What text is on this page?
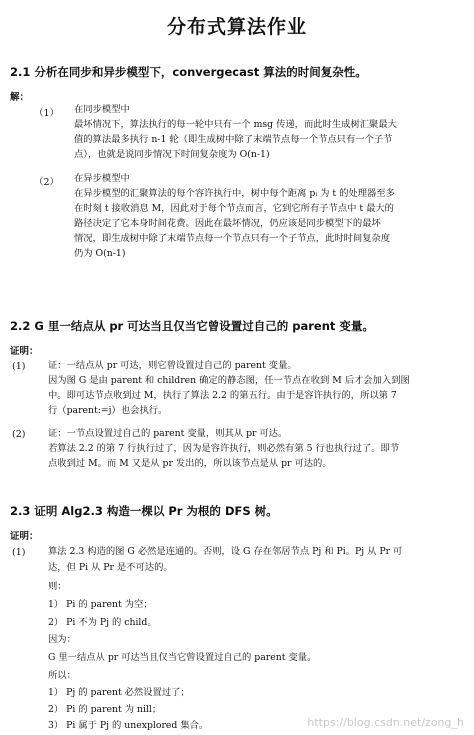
分布式算法作业
2.1 分析在同步和异步模型下，convergecast 算法的时间复杂性。
解：
（1） 在同步模型中
最坏情况下，算法执行的每一轮中只有一个 msg 传递，而此时生成树汇聚最大
值的算法最多执行 n-1 轮（即生成树中除了末端节点每一个节点只有一个子节
点），也就是说同步情况下时间复杂度为 O(n-1)
（2） 在异步模型中
在异步模型的汇聚算法的每个容许执行中，树中每个距离 pᵢ 为 t 的处理器至多
在时刻 t 接收消息 M，因此对于每个节点而言，它到它所有子节点中 t 最大的
路径决定了它本身时间花费。因此在最坏情况，仍应该是同步模型下的最坏
情况，即生成树中除了末端节点每一个节点只有一个子节点，此时时间复杂度
仍为 O(n-1)
2.2 G 里一结点从 pr 可达当且仅当它曾设置过自己的 parent 变量。
证明：
(1) 证：一结点从 pr 可达，则它曾设置过自己的 parent 变量。
因为图 G 是由 parent 和 children 确定的静态图，任一节点在收到 M 后才会加入到图
中。即可达节点收到过 M，执行了算法 2.2 的第五行。由于是容许执行的，所以第 7
行（parent:=j）也会执行。
(2) 证：一节点设置过自己的 parent 变量，则其从 pr 可达。
若算法 2.2 的第 7 行执行过了，因为是容许执行，则必然有第 5 行也执行过了。即节
点收到过 M。而 M 又是从 pr 发出的，所以该节点是从 pr 可达的。
2.3 证明 Alg2.3 构造一棵以 Pr 为根的 DFS 树。
证明：
(1) 算法 2.3 构造的图 G 必然是连通的。否则，设 G 存在邻居节点 Pj 和 Pi。Pj 从 Pr 可
达，但 Pi 从 Pr 是不可达的。
则：
1） Pi 的 parent 为空；
2） Pi 不为 Pj 的 child。
因为：
G 里一结点从 pr 可达当且仅当它曾设置过自己的 parent 变量。
所以：
1） Pj 的 parent 必然设置过了；
2） Pi 的 parent 为 nill；
3） Pi 属于 Pj 的 unexplored 集合。	https://blog.csdn.net/zong_h
